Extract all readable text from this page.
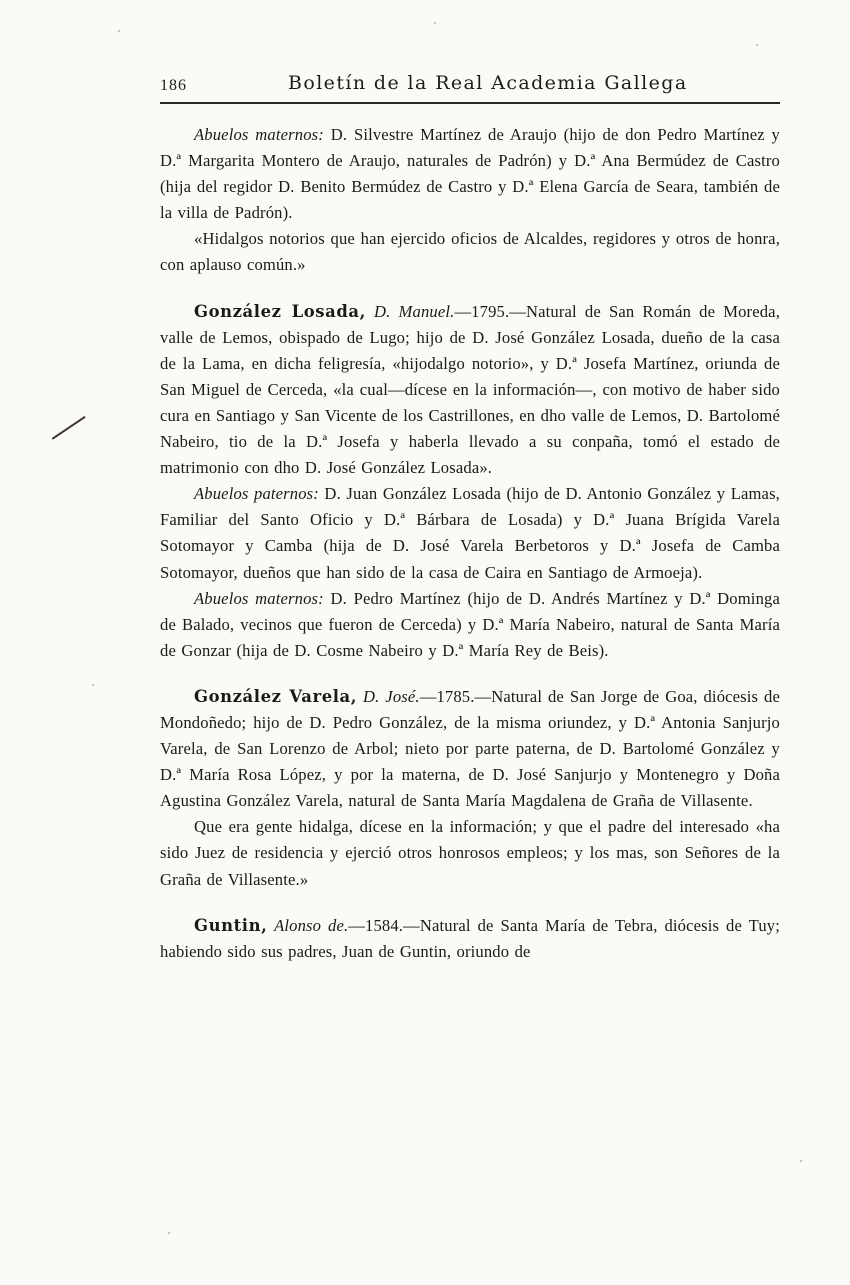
186	Boletín de la Real Academia Gallega

Abuelos maternos: D. Silvestre Martínez de Araujo (hijo de don Pedro Martínez y D.ª Margarita Montero de Araujo, naturales de Padrón) y D.ª Ana Bermúdez de Castro (hija del regidor D. Benito Bermúdez de Castro y D.ª Elena García de Seara, también de la villa de Padrón).

«Hidalgos notorios que han ejercido oficios de Alcaldes, regidores y otros de honra, con aplauso común.»

González Losada, D. Manuel.—1795.—Natural de San Román de Moreda, valle de Lemos, obispado de Lugo; hijo de D. José González Losada, dueño de la casa de la Lama, en dicha feligresía, «hijodalgo notorio», y D.ª Josefa Martínez, oriunda de San Miguel de Cerceda, «la cual—dícese en la información—, con motivo de haber sido cura en Santiago y San Vicente de los Castrillones, en dho valle de Lemos, D. Bartolomé Nabeiro, tio de la D.ª Josefa y haberla llevado a su conpaña, tomó el estado de matrimonio con dho D. José González Losada».

Abuelos paternos: D. Juan González Losada (hijo de D. Antonio González y Lamas, Familiar del Santo Oficio y D.ª Bárbara de Losada) y D.ª Juana Brígida Varela Sotomayor y Camba (hija de D. José Varela Berbetoros y D.ª Josefa de Camba Sotomayor, dueños que han sido de la casa de Caira en Santiago de Armoeja).

Abuelos maternos: D. Pedro Martínez (hijo de D. Andrés Martínez y D.ª Dominga de Balado, vecinos que fueron de Cerceda) y D.ª María Nabeiro, natural de Santa María de Gonzar (hija de D. Cosme Nabeiro y D.ª María Rey de Beis).

González Varela, D. José.—1785.—Natural de San Jorge de Goa, diócesis de Mondoñedo; hijo de D. Pedro González, de la misma oriundez, y D.ª Antonia Sanjurjo Varela, de San Lorenzo de Arbol; nieto por parte paterna, de D. Bartolomé González y D.ª María Rosa López, y por la materna, de D. José Sanjurjo y Montenegro y Doña Agustina González Varela, natural de Santa María Magdalena de Graña de Villasente.

Que era gente hidalga, dícese en la información; y que el padre del interesado «ha sido Juez de residencia y ejerció otros honrosos empleos; y los mas, son Señores de la Graña de Villasente.»

Guntin, Alonso de.—1584.—Natural de Santa María de Tebra, diócesis de Tuy; habiendo sido sus padres, Juan de Guntin, oriundo de
